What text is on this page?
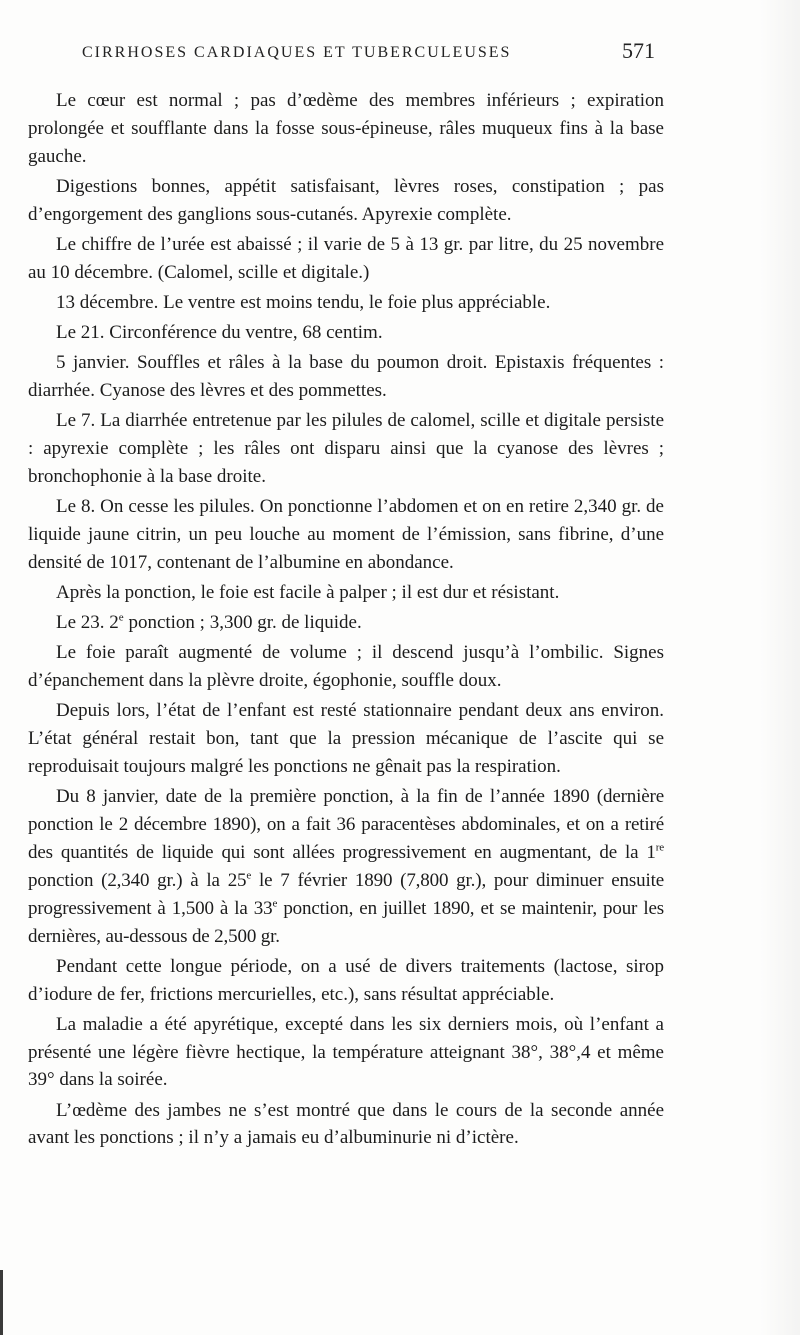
CIRRHOSES CARDIAQUES ET TUBERCULEUSES	571

Le cœur est normal ; pas d’œdème des membres inférieurs ; expiration prolongée et soufflante dans la fosse sous-épineuse, râles muqueux fins à la base gauche.

Digestions bonnes, appétit satisfaisant, lèvres roses, constipation ; pas d’engorgement des ganglions sous-cutanés. Apyrexie complète.

Le chiffre de l’urée est abaissé ; il varie de 5 à 13 gr. par litre, du 25 novembre au 10 décembre. (Calomel, scille et digitale.)

13 décembre. Le ventre est moins tendu, le foie plus appréciable.

Le 21. Circonférence du ventre, 68 centim.

5 janvier. Souffles et râles à la base du poumon droit. Epistaxis fréquentes : diarrhée. Cyanose des lèvres et des pommettes.

Le 7. La diarrhée entretenue par les pilules de calomel, scille et digitale persiste : apyrexie complète ; les râles ont disparu ainsi que la cyanose des lèvres ; bronchophonie à la base droite.

Le 8. On cesse les pilules. On ponctionne l’abdomen et on en retire 2,340 gr. de liquide jaune citrin, un peu louche au moment de l’émission, sans fibrine, d’une densité de 1017, contenant de l’albumine en abondance.

Après la ponction, le foie est facile à palper ; il est dur et résistant.

Le 23. 2e ponction ; 3,300 gr. de liquide.

Le foie paraît augmenté de volume ; il descend jusqu’à l’ombilic. Signes d’épanchement dans la plèvre droite, égophonie, souffle doux.

Depuis lors, l’état de l’enfant est resté stationnaire pendant deux ans environ. L’état général restait bon, tant que la pression mécanique de l’ascite qui se reproduisait toujours malgré les ponctions ne gênait pas la respiration.

Du 8 janvier, date de la première ponction, à la fin de l’année 1890 (dernière ponction le 2 décembre 1890), on a fait 36 paracentèses abdominales, et on a retiré des quantités de liquide qui sont allées progressivement en augmentant, de la 1re ponction (2,340 gr.) à la 25e le 7 février 1890 (7,800 gr.), pour diminuer ensuite progressivement à 1,500 à la 33e ponction, en juillet 1890, et se maintenir, pour les dernières, au-dessous de 2,500 gr.

Pendant cette longue période, on a usé de divers traitements (lactose, sirop d’iodure de fer, frictions mercurielles, etc.), sans résultat appréciable.

La maladie a été apyrétique, excepté dans les six derniers mois, où l’enfant a présenté une légère fièvre hectique, la température atteignant 38°, 38°,4 et même 39° dans la soirée.

L’œdème des jambes ne s’est montré que dans le cours de la seconde année avant les ponctions ; il n’y a jamais eu d’albuminurie ni d’ictère.
